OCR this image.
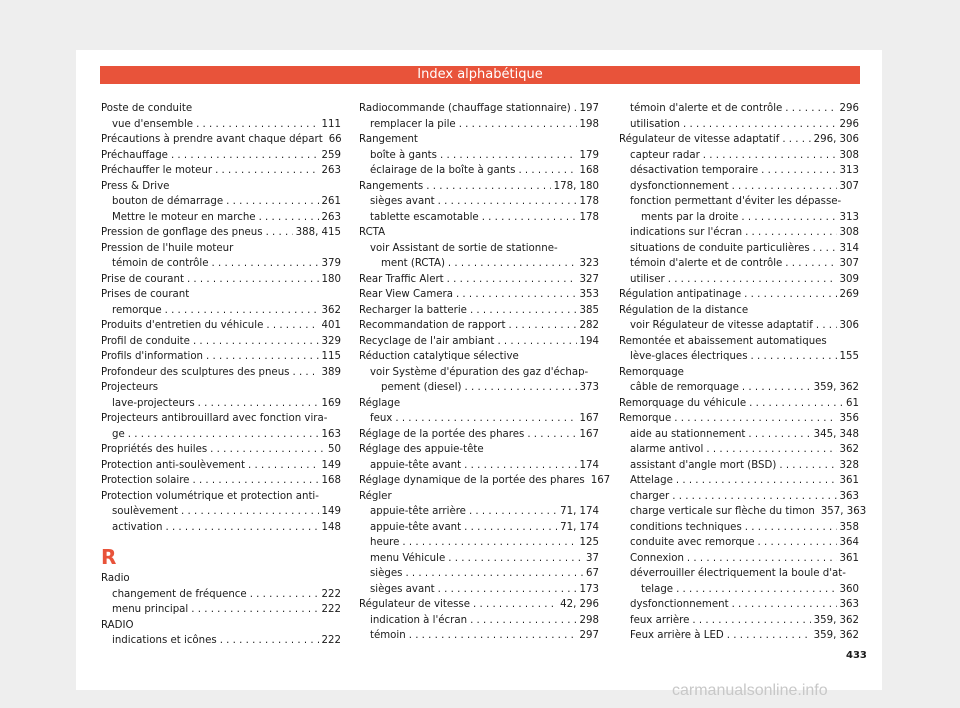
Index alphabétique
Poste de conduite
vue d'ensemble . . .	111
Précautions à prendre avant chaque départ 66
Préchauffage . . .	259
Préchauffer le moteur . . .	263
Press & Drive
bouton de démarrage . . .	261
Mettre le moteur en marche . . .	263
Pression de gonflage des pneus . . .	388, 415
Pression de l'huile moteur
témoin de contrôle . . .	379
Prise de courant . . .	180
Prises de courant
remorque . . .	362
Produits d'entretien du véhicule . . .	401
Profil de conduite . . .	329
Profils d'information . . .	115
Profondeur des sculptures des pneus . . .	389
Projecteurs
lave-projecteurs . . .	169
Projecteurs antibrouillard avec fonction vira-
ge . . .	163
Propriétés des huiles . . .	50
Protection anti-soulèvement . . .	149
Protection solaire . . .	168
Protection volumétrique et protection anti-
soulèvement . . .	149
activation . . .	148
R
Radio
changement de fréquence . . .	222
menu principal . . .	222
RADIO
indications et icônes . . .	222
Radiocommande (chauffage stationnaire) . . . 197
remplacer la pile . . .	198
Rangement
boîte à gants . . .	179
éclairage de la boîte à gants . . .	168
Rangements . . .	178, 180
sièges avant . . .	178
tablette escamotable . . .	178
RCTA
voir Assistant de sortie de stationne-
ment (RCTA) . . .	323
Rear Traffic Alert . . .	327
Rear View Camera . . .	353
Recharger la batterie . . .	385
Recommandation de rapport . . .	282
Recyclage de l'air ambiant . . .	194
Réduction catalytique sélective
voir Système d'épuration des gaz d'échap-
pement (diesel) . . .	373
Réglage
feux . . .	167
Réglage de la portée des phares . . .	167
Réglage des appuie-tête
appuie-tête avant . . .	174
Réglage dynamique de la portée des phares 167
Régler
appuie-tête arrière . . .	71, 174
appuie-tête avant . . .	71, 174
heure . . .	125
menu Véhicule . . .	37
sièges . . .	67
sièges avant . . .	173
Régulateur de vitesse . . .	42, 296
indication à l'écran . . .	298
témoin . . .	297
témoin d'alerte et de contrôle . . .	296
utilisation . . .	296
Régulateur de vitesse adaptatif . . .	296, 306
capteur radar . . .	308
désactivation temporaire . . .	313
dysfonctionnement . . .	307
fonction permettant d'éviter les dépasse-
ments par la droite . . .	313
indications sur l'écran . . .	308
situations de conduite particulières . . .	314
témoin d'alerte et de contrôle . . .	307
utiliser . . .	309
Régulation antipatinage . . .	269
Régulation de la distance
voir Régulateur de vitesse adaptatif . . .	306
Remontée et abaissement automatiques
lève-glaces électriques . . .	155
Remorquage
câble de remorquage . . .	359, 362
Remorquage du véhicule . . .	61
Remorque . . .	356
aide au stationnement . . .	345, 348
alarme antivol . . .	362
assistant d'angle mort (BSD) . . .	328
Attelage . . .	361
charger . . .	363
charge verticale sur flèche du timon 357, 363
conditions techniques . . .	358
conduite avec remorque . . .	364
Connexion . . .	361
déverrouiller électriquement la boule d'at-
telage . . .	360
dysfonctionnement . . .	363
feux arrière . . .	359, 362
Feux arrière à LED . . .	359, 362
433
carmanualsonline.info
